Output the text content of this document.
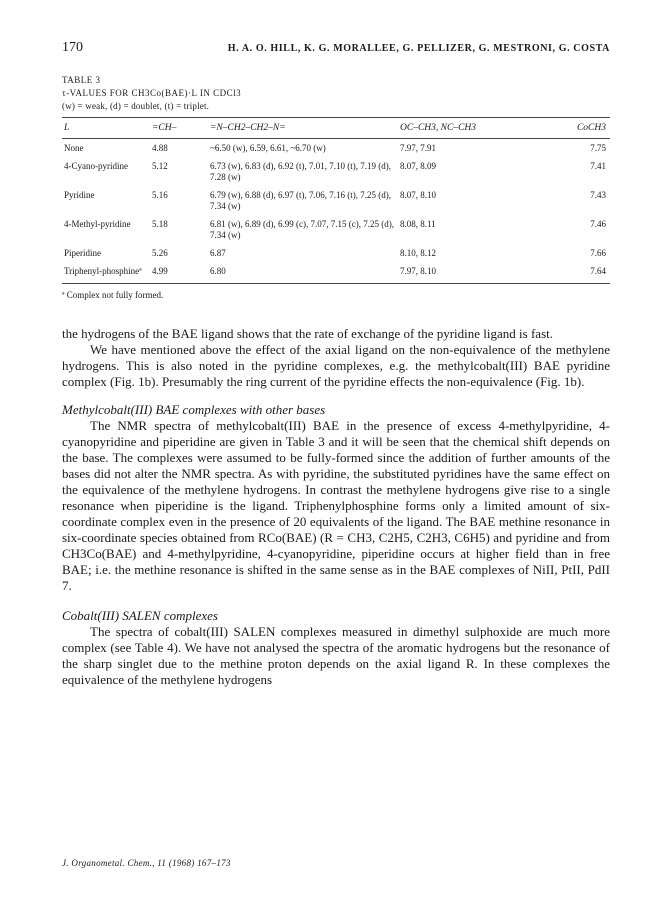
170	H. A. O. HILL, K. G. MORALLEE, G. PELLIZER, G. MESTRONI, G. COSTA
TABLE 3
τ-VALUES FOR CH3Co(BAE)·L IN CDCl3
(w) = weak, (d) = doublet, (t) = triplet.
L	=CH–	=N–CH2–CH2–N=	OC–CH3, NC–CH3	CoCH3
None	4.88	~6.50 (w), 6.59, 6.61, ~6.70 (w)	7.97, 7.91	7.75
4-Cyano-pyridine	5.12	6.73 (w), 6.83 (d), 6.92 (t), 7.01, 7.10 (t), 7.19 (d), 7.28 (w)	8.07, 8.09	7.41
Pyridine	5.16	6.79 (w), 6.88 (d), 6.97 (t), 7.06, 7.16 (t), 7.25 (d), 7.34 (w)	8.07, 8.10	7.43
4-Methyl-pyridine	5.18	6.81 (w), 6.89 (d), 6.99 (c), 7.07, 7.15 (c), 7.25 (d), 7.34 (w)	8.08, 8.11	7.46
Piperidine	5.26	6.87	8.10, 8.12	7.66
Triphenyl-phosphineª	4.99	6.80	7.97, 8.10	7.64
ª Complex not fully formed.

the hydrogens of the BAE ligand shows that the rate of exchange of the pyridine ligand is fast.

We have mentioned above the effect of the axial ligand on the non-equivalence of the methylene hydrogens. This is also noted in the pyridine complexes, e.g. the methylcobalt(III) BAE pyridine complex (Fig. 1b). Presumably the ring current of the pyridine effects the non-equivalence (Fig. 1b).

Methylcobalt(III) BAE complexes with other bases

The NMR spectra of methylcobalt(III) BAE in the presence of excess 4-methylpyridine, 4-cyanopyridine and piperidine are given in Table 3 and it will be seen that the chemical shift depends on the base. The complexes were assumed to be fully-formed since the addition of further amounts of the bases did not alter the NMR spectra. As with pyridine, the substituted pyridines have the same effect on the equivalence of the methylene hydrogens. In contrast the methylene hydrogens give rise to a single resonance when piperidine is the ligand. Triphenylphosphine forms only a limited amount of six-coordinate complex even in the presence of 20 equivalents of the ligand. The BAE methine resonance in six-coordinate species obtained from RCo(BAE) (R = CH3, C2H5, C2H3, C6H5) and pyridine and from CH3Co(BAE) and 4-methylpyridine, 4-cyanopyridine, piperidine occurs at higher field than in free BAE; i.e. the methine resonance is shifted in the same sense as in the BAE complexes of NiII, PtII, PdII 7.

Cobalt(III) SALEN complexes

The spectra of cobalt(III) SALEN complexes measured in dimethyl sulphoxide are much more complex (see Table 4). We have not analysed the spectra of the aromatic hydrogens but the resonance of the sharp singlet due to the methine proton depends on the axial ligand R. In these complexes the equivalence of the methylene hydrogens

J. Organometal. Chem., 11 (1968) 167–173
